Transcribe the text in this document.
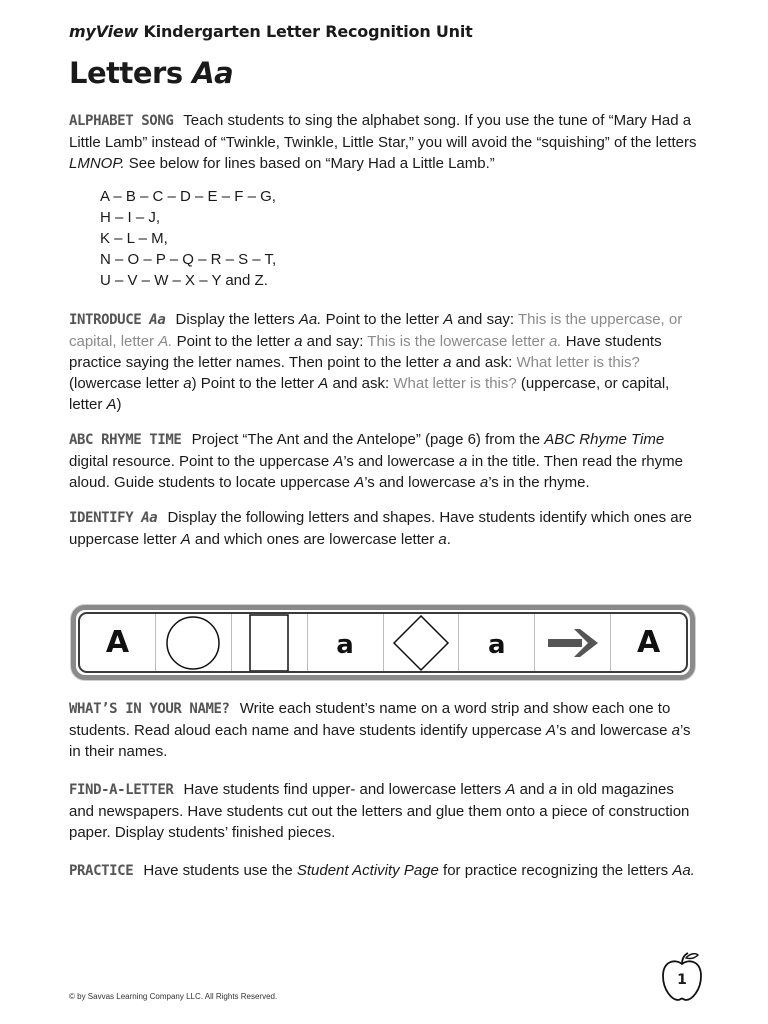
myView Kindergarten Letter Recognition Unit
Letters Aa
ALPHABET SONG Teach students to sing the alphabet song. If you use the tune of “Mary Had a Little Lamb” instead of “Twinkle, Twinkle, Little Star,” you will avoid the “squishing” of the letters LMNOP. See below for lines based on “Mary Had a Little Lamb.”
A – B – C – D – E – F – G,
H – I – J,
K – L – M,
N – O – P – Q – R – S – T,
U – V – W – X – Y and Z.
INTRODUCE Aa Display the letters Aa. Point to the letter A and say: This is the uppercase, or capital, letter A. Point to the letter a and say: This is the lowercase letter a. Have students practice saying the letter names. Then point to the letter a and ask: What letter is this? (lowercase letter a) Point to the letter A and ask: What letter is this? (uppercase, or capital, letter A)
ABC RHYME TIME Project “The Ant and the Antelope” (page 6) from the ABC Rhyme Time digital resource. Point to the uppercase A’s and lowercase a in the title. Then read the rhyme aloud. Guide students to locate uppercase A’s and lowercase a’s in the rhyme.
IDENTIFY Aa Display the following letters and shapes. Have students identify which ones are uppercase letter A and which ones are lowercase letter a.
A	a	a	A
WHAT’S IN YOUR NAME? Write each student’s name on a word strip and show each one to students. Read aloud each name and have students identify uppercase A’s and lowercase a’s in their names.
FIND-A-LETTER Have students find upper- and lowercase letters A and a in old magazines and newspapers. Have students cut out the letters and glue them onto a piece of construction paper. Display students’ finished pieces.
PRACTICE Have students use the Student Activity Page for practice recognizing the letters Aa.
© by Savvas Learning Company LLC. All Rights Reserved.
1
